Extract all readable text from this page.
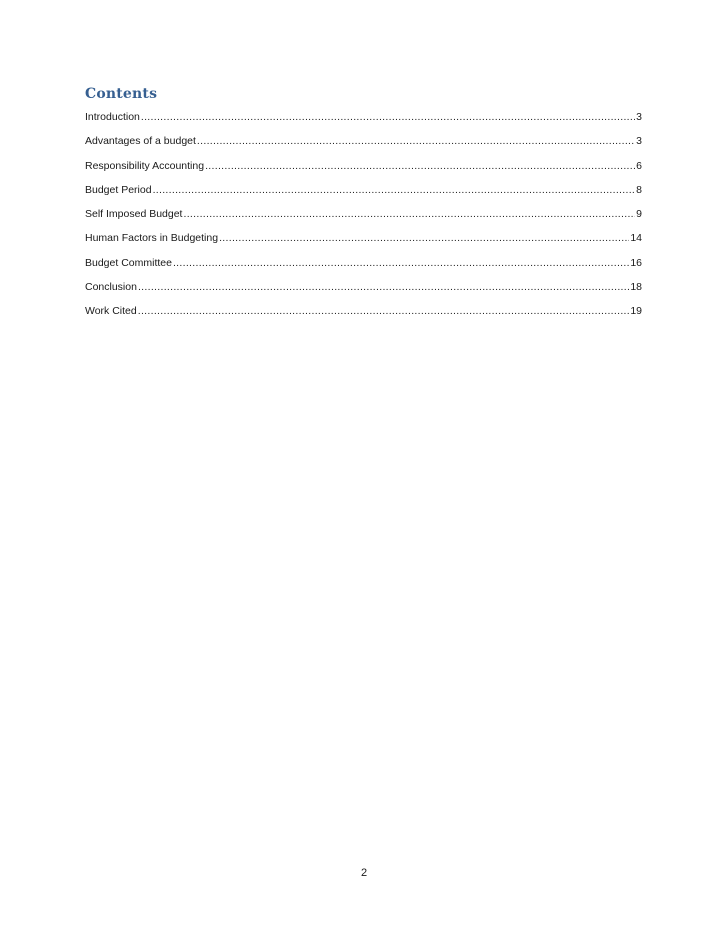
Contents
Introduction .....	3
Advantages of a budget .....	3
Responsibility Accounting .....	6
Budget Period .....	8
Self Imposed Budget .....	9
Human Factors in Budgeting .....	14
Budget Committee .....	16
Conclusion .....	18
Work Cited .....	19
2
